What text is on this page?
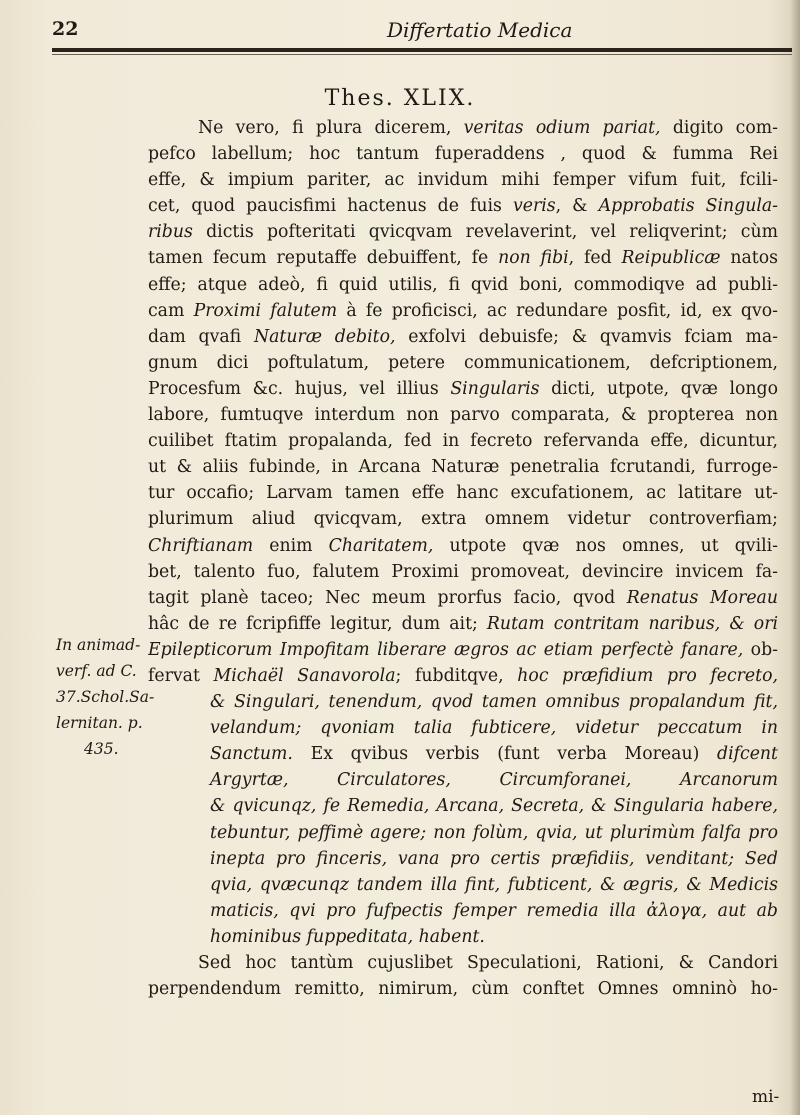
22	Differtatio Medica
Thes. XLIX.
In animad-
verf. ad C.
37.Schol.Sa-
lernitan. p.
435.
Ne vero, fi plura dicerem, veritas odium pariat, digito com-
pefco labellum; hoc tantum fuperaddens , quod & fumma Rei
effe, & impium pariter, ac invidum mihi femper vifum fuit, fcili-
cet, quod paucisfimi hactenus de fuis veris, & Approbatis Singula-
ribus dictis pofteritati qvicqvam revelaverint, vel reliqverint; cùm
tamen fecum reputaffe debuiffent, fe non fibi, fed Reipublicæ natos
effe; atque adeò, fi quid utilis, fi qvid boni, commodiqve ad publi-
cam Proximi falutem à fe proficisci, ac redundare posfit, id, ex qvo-
dam qvafi Naturæ debito, exfolvi debuisfe; & qvamvis fciam ma-
gnum dici poftulatum, petere communicationem, defcriptionem,
Procesfum &c. hujus, vel illius Singularis dicti, utpote, qvæ longo
labore, fumtuqve interdum non parvo comparata, & propterea non
cuilibet ftatim propalanda, fed in fecreto refervanda effe, dicuntur,
ut & aliis fubinde, in Arcana Naturæ penetralia fcrutandi, furroge-
tur occafio; Larvam tamen effe hanc excufationem, ac latitare ut-
plurimum aliud qvicqvam, extra omnem videtur controverfiam;
Chriftianam enim Charitatem, utpote qvæ nos omnes, ut qvili-
bet, talento fuo, falutem Proximi promoveat, devincire invicem fa-
tagit planè taceo; Nec meum prorfus facio, qvod Renatus Moreau
hâc de re fcripfiffe legitur, dum ait; Rutam contritam naribus, & ori
Epilepticorum Impofitam liberare ægros ac etiam perfectè fanare, ob-
fervat Michaël Sanavorola; fubditqve, hoc præfidium pro fecreto,
& Singulari, tenendum, qvod tamen omnibus propalandum fit,
velandum; qvoniam talia fubticere, videtur peccatum in
Sanctum. Ex qvibus verbis (funt verba Moreau) difcent
Argyrtæ, Circulatores, Circumforanei, Arcanorum
& qvicunqz, fe Remedia, Arcana, Secreta, & Singularia habere,
tebuntur, peffimè agere; non folùm, qvia, ut plurimùm falfa pro
inepta pro finceris, vana pro certis præfidiis, venditant; Sed
qvia, qvæcunqz tandem illa fint, fubticent, & ægris, & Medicis
maticis, qvi pro fufpectis femper remedia illa ἀλογα, aut ab
hominibus fuppeditata, habent.
Sed hoc tantùm cujuslibet Speculationi, Rationi, & Candori
perpendendum remitto, nimirum, cùm conftet Omnes omninò ho-
mi-
